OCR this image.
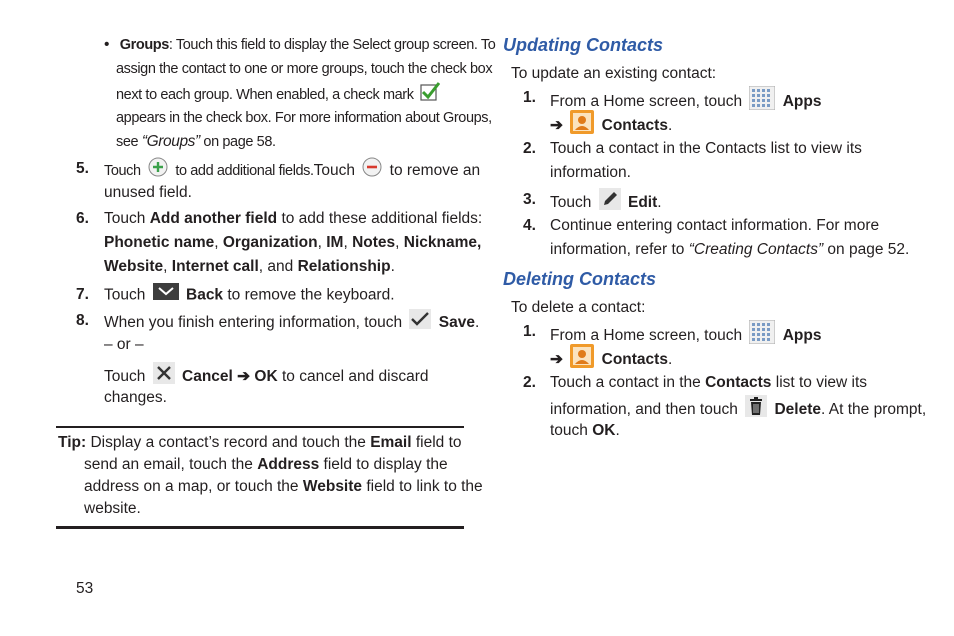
• Groups: Touch this field to display the Select group screen. To
assign the contact to one or more groups, touch the check box
next to each group. When enabled, a check mark
appears in the check box. For more information about Groups,
see “Groups” on page 58.
5. Touch to add additional fields.Touch to remove an
unused field.
6. Touch Add another field to add these additional fields:
Phonetic name, Organization, IM, Notes, Nickname,
Website, Internet call, and Relationship.
7. Touch	Back to remove the keyboard.
8. When you finish entering information, touch Save.
– or –
Touch Cancel ➔ OK to cancel and discard
changes.
Tip: Display a contact’s record and touch the Email field to
send an email, touch the Address field to display the
address on a map, or touch the Website field to link to the
website.
53
Updating Contacts
To update an existing contact:
1. From a Home screen, touch	Apps
➔ Contacts.
2. Touch a contact in the Contacts list to view its
information.
3. Touch Edit.
4. Continue entering contact information. For more
information, refer to “Creating Contacts” on page 52.
Deleting Contacts
To delete a contact:
1. From a Home screen, touch	Apps
➔ Contacts.
2. Touch a contact in the Contacts list to view its
information, and then touch Delete. At the prompt,
touch OK.
